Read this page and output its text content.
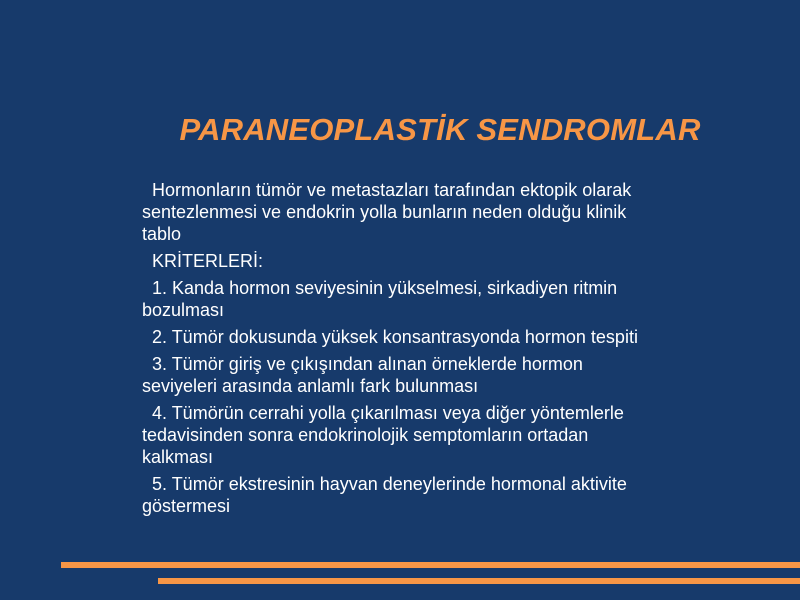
PARANEOPLASTİK SENDROMLAR
Hormonların tümör ve metastazları tarafından ektopik olarak
sentezlenmesi ve endokrin yolla bunların neden olduğu klinik
tablo
KRİTERLERİ:
1. Kanda hormon seviyesinin yükselmesi, sirkadiyen ritmin
bozulması
2. Tümör dokusunda yüksek konsantrasyonda hormon tespiti
3. Tümör giriş ve çıkışından alınan örneklerde hormon
seviyeleri arasında anlamlı fark bulunması
4. Tümörün cerrahi yolla çıkarılması veya diğer yöntemlerle
tedavisinden sonra endokrinolojik semptomların ortadan
kalkması
5. Tümör ekstresinin hayvan deneylerinde hormonal aktivite
göstermesi
